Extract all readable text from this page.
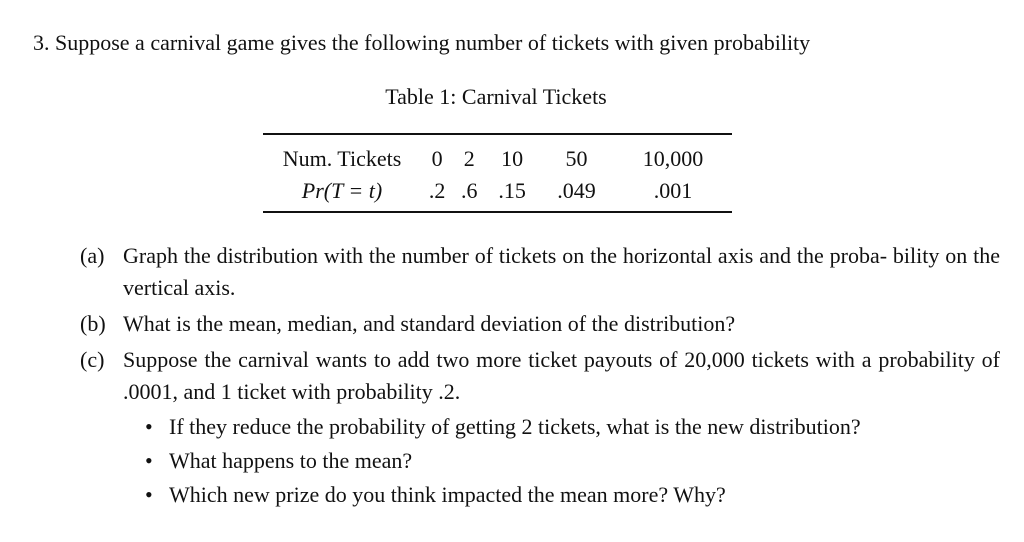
3. Suppose a carnival game gives the following number of tickets with given probability
Table 1: Carnival Tickets
Num. Tickets	0	2	10	50	10,000
Pr(T = t)	.2	.6	.15	.049	.001
(a) Graph the distribution with the number of tickets on the horizontal axis and the proba- bility on the vertical axis.
(b) What is the mean, median, and standard deviation of the distribution?
(c) Suppose the carnival wants to add two more ticket payouts of 20,000 tickets with a probability of .0001, and 1 ticket with probability .2.
• If they reduce the probability of getting 2 tickets, what is the new distribution?
• What happens to the mean?
• Which new prize do you think impacted the mean more? Why?
